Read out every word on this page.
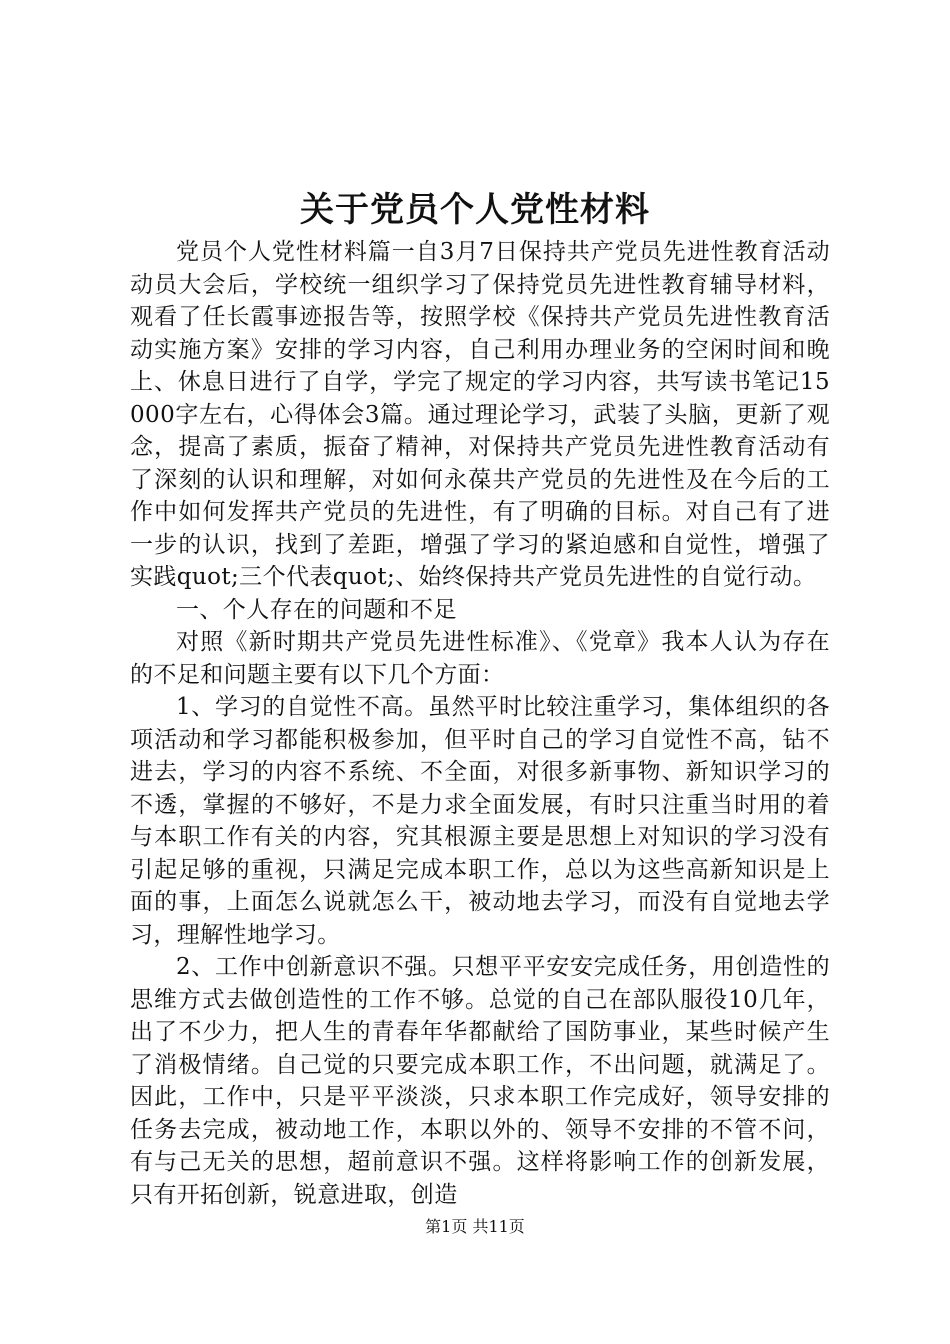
关于党员个人党性材料

党员个人党性材料篇一自3月7日保持共产党员先进性教育活动动员大会后，学校统一组织学习了保持党员先进性教育辅导材料，观看了任长霞事迹报告等，按照学校《保持共产党员先进性教育活动实施方案》安排的学习内容，自己利用办理业务的空闲时间和晚上、休息日进行了自学，学完了规定的学习内容，共写读书笔记15000字左右，心得体会3篇。通过理论学习，武装了头脑，更新了观念，提高了素质，振奋了精神，对保持共产党员先进性教育活动有了深刻的认识和理解，对如何永葆共产党员的先进性及在今后的工作中如何发挥共产党员的先进性，有了明确的目标。对自己有了进一步的认识，找到了差距，增强了学习的紧迫感和自觉性，增强了实践quot;三个代表quot;、始终保持共产党员先进性的自觉行动。

一、个人存在的问题和不足

对照《新时期共产党员先进性标准》、《党章》我本人认为存在的不足和问题主要有以下几个方面：

1、学习的自觉性不高。虽然平时比较注重学习，集体组织的各项活动和学习都能积极参加，但平时自己的学习自觉性不高，钻不进去，学习的内容不系统、不全面，对很多新事物、新知识学习的不透，掌握的不够好，不是力求全面发展，有时只注重当时用的着与本职工作有关的内容，究其根源主要是思想上对知识的学习没有引起足够的重视，只满足完成本职工作，总以为这些高新知识是上面的事，上面怎么说就怎么干，被动地去学习，而没有自觉地去学习，理解性地学习。

2、工作中创新意识不强。只想平平安安完成任务，用创造性的思维方式去做创造性的工作不够。总觉的自己在部队服役10几年，出了不少力，把人生的青春年华都献给了国防事业，某些时候产生了消极情绪。自己觉的只要完成本职工作，不出问题，就满足了。因此，工作中，只是平平淡淡，只求本职工作完成好，领导安排的任务去完成，被动地工作，本职以外的、领导不安排的不管不问，有与己无关的思想，超前意识不强。这样将影响工作的创新发展，只有开拓创新，锐意进取，创造

第1页 共11页
